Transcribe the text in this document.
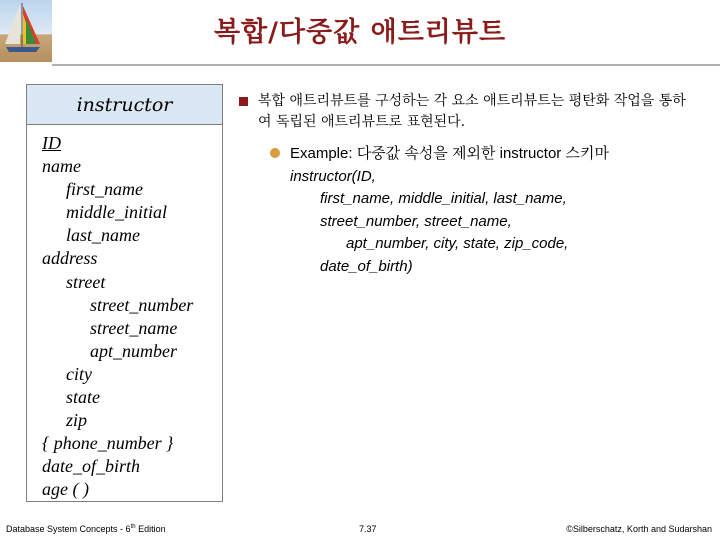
복합/다중값 애트리뷰트
instructor
ID
name
first_name
middle_initial
last_name
address
street
street_number
street_name
apt_number
city
state
zip
{ phone_number }
date_of_birth
age ( )
복합 애트리뷰트를 구성하는 각 요소 애트리뷰트는 평탄화 작업을 통하여 독립된 애트리뷰트로 표현된다.
Example: 다중값 속성을 제외한 instructor 스키마
instructor(ID,
first_name, middle_initial, last_name,
street_number, street_name,
apt_number, city, state, zip_code,
date_of_birth)
Database System Concepts - 6th Edition	7.37	©Silberschatz, Korth and Sudarshan
